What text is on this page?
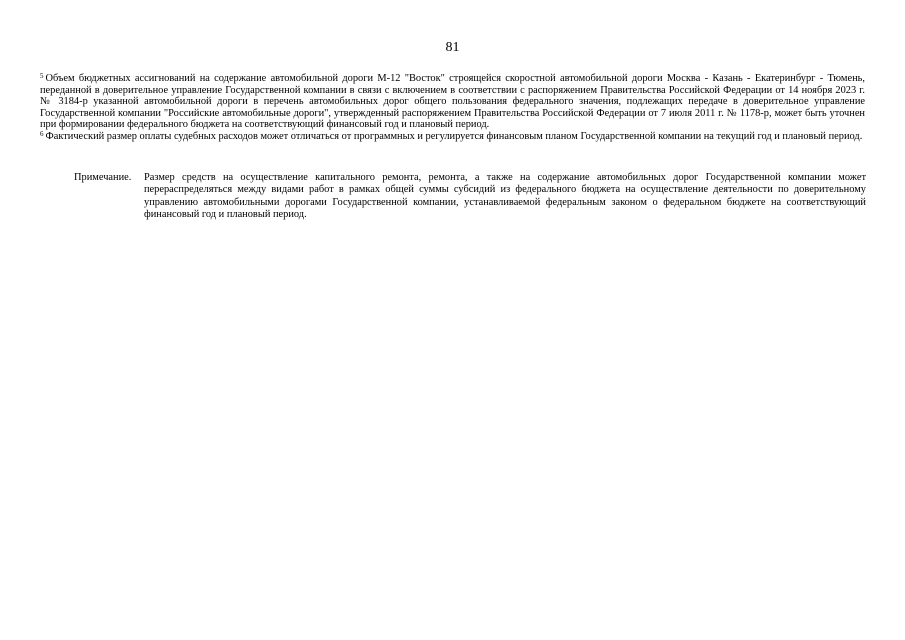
81

$^5$ Объем бюджетных ассигнований на содержание автомобильной дороги М-12 "Восток" строящейся скоростной автомобильной дороги Москва - Казань - Екатеринбург - Тюмень, переданной в доверительное управление Государственной компании в связи с включением в соответствии с распоряжением Правительства Российской Федерации от 14 ноября 2023 г. № 3184-р указанной автомобильной дороги в перечень автомобильных дорог общего пользования федерального значения, подлежащих передаче в доверительное управление Государственной компании "Российские автомобильные дороги", утвержденный распоряжением Правительства Российской Федерации от 7 июля 2011 г. № 1178-р, может быть уточнен при формировании федерального бюджета на соответствующий финансовый год и плановый период.

$^6$ Фактический размер оплаты судебных расходов может отличаться от программных и регулируется финансовым планом Государственной компании на текущий год и плановый период.

Примечание.	Размер средств на осуществление капитального ремонта, ремонта, а также на содержание автомобильных дорог Государственной компании может перераспределяться между видами работ в рамках общей суммы субсидий из федерального бюджета на осуществление деятельности по доверительному управлению автомобильными дорогами Государственной компании, устанавливаемой федеральным законом о федеральном бюджете на соответствующий финансовый год и плановый период.
